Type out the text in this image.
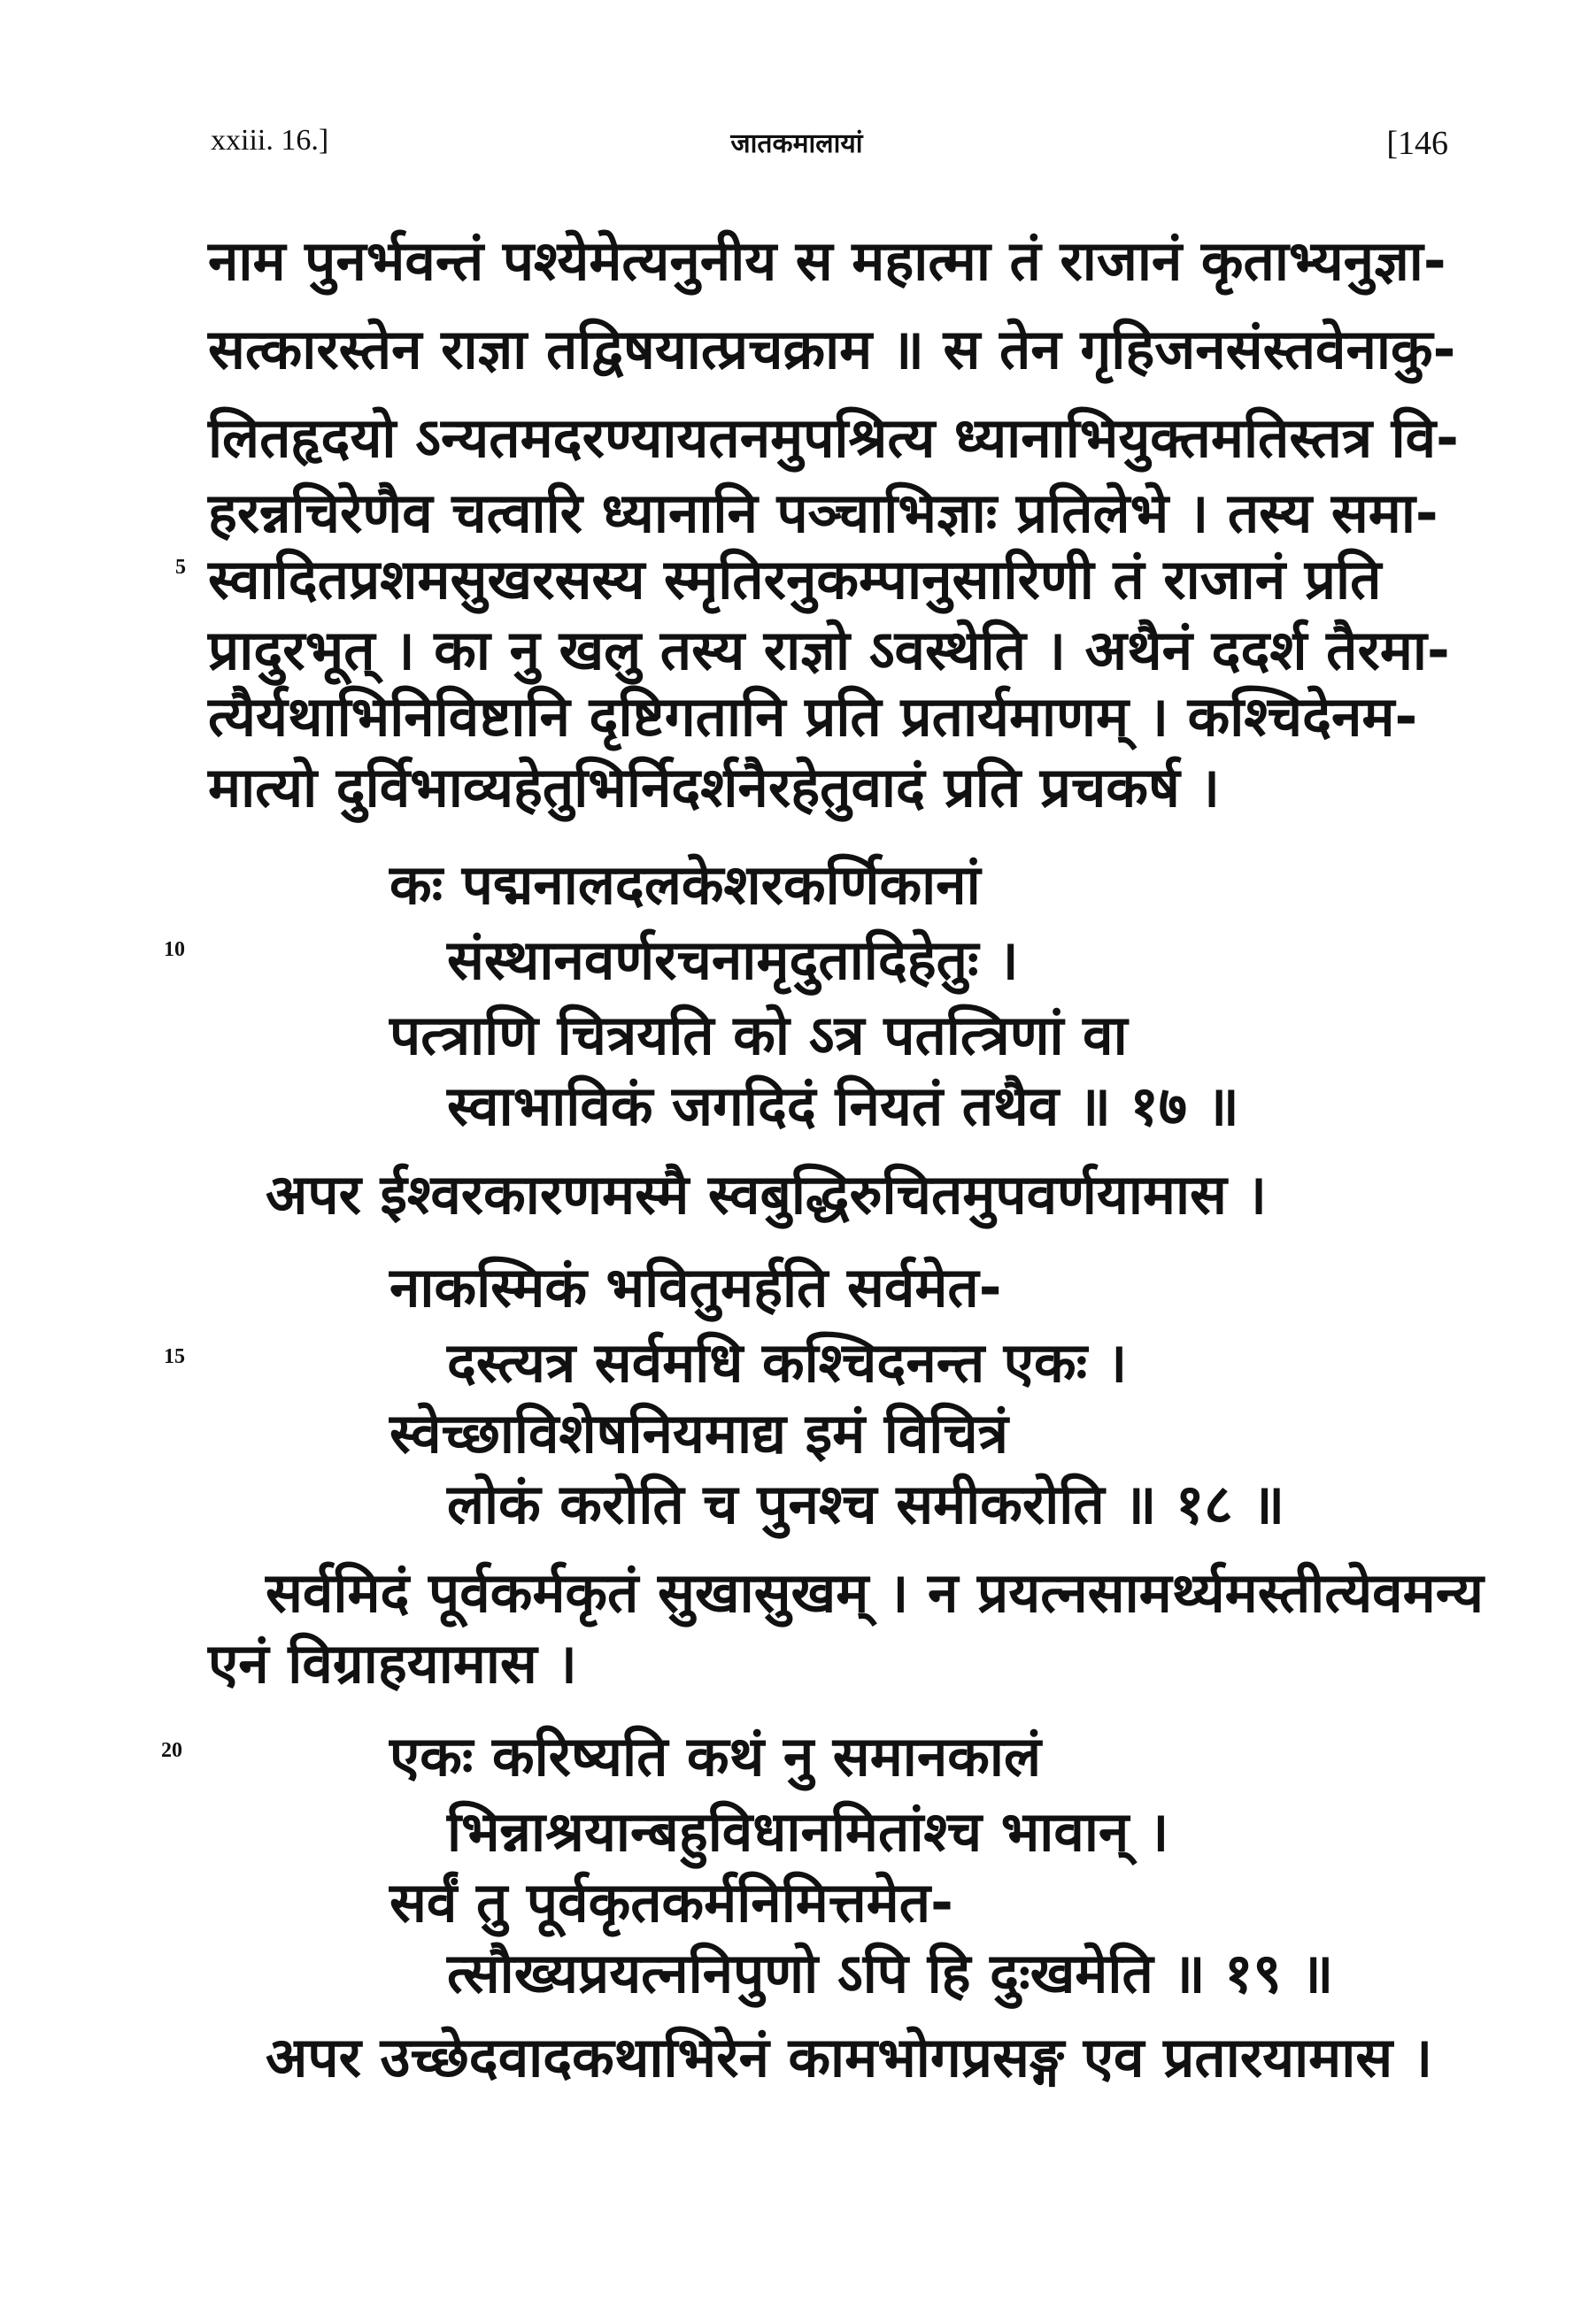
xxiii. 16.]	जातकमालायां	[146
नाम पुनर्भवन्तं पश्येमेत्यनुनीय स महात्मा तं राजानं कृताभ्यनुज्ञा-
सत्कारस्तेन राज्ञा तद्विषयात्प्रचक्राम ॥ स तेन गृहिजनसंस्तवेनाकु-
लितहृदयो ऽन्यतमदरण्यायतनमुपश्रित्य ध्यानाभियुक्तमतिस्तत्र वि-
हरन्नचिरेणैव चत्वारि ध्यानानि पञ्चाभिज्ञाः प्रतिलेभे । तस्य समा-
5 स्वादितप्रशमसुखरसस्य स्मृतिरनुकम्पानुसारिणी तं राजानं प्रति
प्रादुरभूत् । का नु खलु तस्य राज्ञो ऽवस्थेति । अथैनं ददर्श तैरमा-
त्यैर्यथाभिनिविष्टानि दृष्टिगतानि प्रति प्रतार्यमाणम् । कश्चिदेनम-
मात्यो दुर्विभाव्यहेतुभिर्निदर्शनैरहेतुवादं प्रति प्रचकर्ष ।
कः पद्मनालदलकेशरकर्णिकानां
10	संस्थानवर्णरचनामृदुतादिहेतुः ।
पत्त्राणि चित्रयति को ऽत्र पतत्त्रिणां वा
स्वाभाविकं जगदिदं नियतं तथैव ॥ १७ ॥
अपर ईश्वरकारणमस्मै स्वबुद्धिरुचितमुपवर्णयामास ।
नाकस्मिकं भवितुमर्हति सर्वमेत-
15	दस्त्यत्र सर्वमधि कश्चिदनन्त एकः ।
स्वेच्छाविशेषनियमाद्य इमं विचित्रं
लोकं करोति च पुनश्च समीकरोति ॥ १८ ॥
सर्वमिदं पूर्वकर्मकृतं सुखासुखम् । न प्रयत्नसामर्थ्यमस्तीत्येवमन्य
एनं विग्राहयामास ।
20	एकः करिष्यति कथं नु समानकालं
भिन्नाश्रयान्बहुविधानमितांश्च भावान् ।
सर्वं तु पूर्वकृतकर्मनिमित्तमेत-
त्सौख्यप्रयत्ननिपुणो ऽपि हि दुःखमेति ॥ १९ ॥
अपर उच्छेदवादकथाभिरेनं कामभोगप्रसङ्ग एव प्रतारयामास ।
